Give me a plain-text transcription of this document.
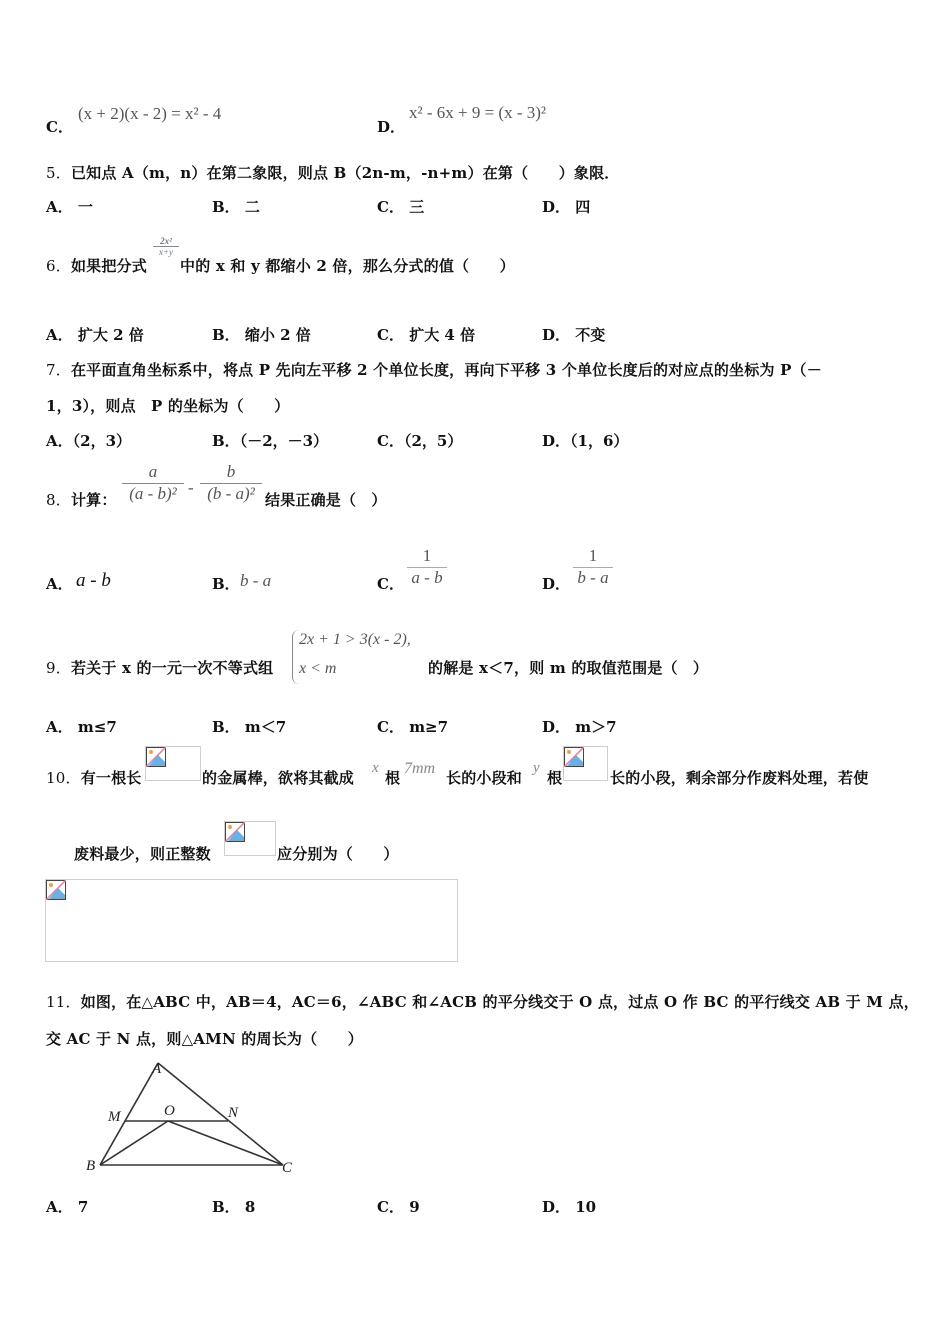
C．
(x + 2)(x - 2) = x² - 4
D．
x² - 6x + 9 = (x - 3)²
5．已知点 A（m，n）在第二象限，则点 B（2n-m，-n+m）在第（　　）象限．
A． 一	B． 二	C． 三	D． 四
6．如果把分式
2x²
x+y
中的 x 和 y 都缩小 2 倍，那么分式的值（　　）
A． 扩大 2 倍	B． 缩小 2 倍	C． 扩大 4 倍	D． 不变
7．在平面直角坐标系中，将点 P 先向左平移 2 个单位长度，再向下平移 3 个单位长度后的对应点的坐标为 P（－
1，3），则点　P 的坐标为（　　）
A．（2，3）	B．（－2，－3）	C．（2，5）	D．（1，6）
8．计算：
a
(a - b)² -
b
(b - a)² 结果正确是（　）
A． a - b	B． b - a	C．
1
a - b	D．
1
b - a
9．若关于 x 的一元一次不等式组
2x + 1 > 3(x - 2),
x < m	的解是 x＜7，则 m 的取值范围是（　）
A． m≤7	B． m＜7	C． m≥7	D． m＞7
10．有一根长	的金属棒，欲将其截成
x
根
7mm
长的小段和
y
根	长的小段，剩余部分作废料处理，若使
废料最少，则正整数	应分别为（　　）
11．如图，在△ABC 中，AB＝4，AC＝6，∠ABC 和∠ACB 的平分线交于 O 点，过点 O 作 BC 的平行线交 AB 于 M 点，
交 AC 于 N 点，则△AMN 的周长为（　　）
A
M	O	N
B	C
A． 7	B． 8	C． 9	D． 10
